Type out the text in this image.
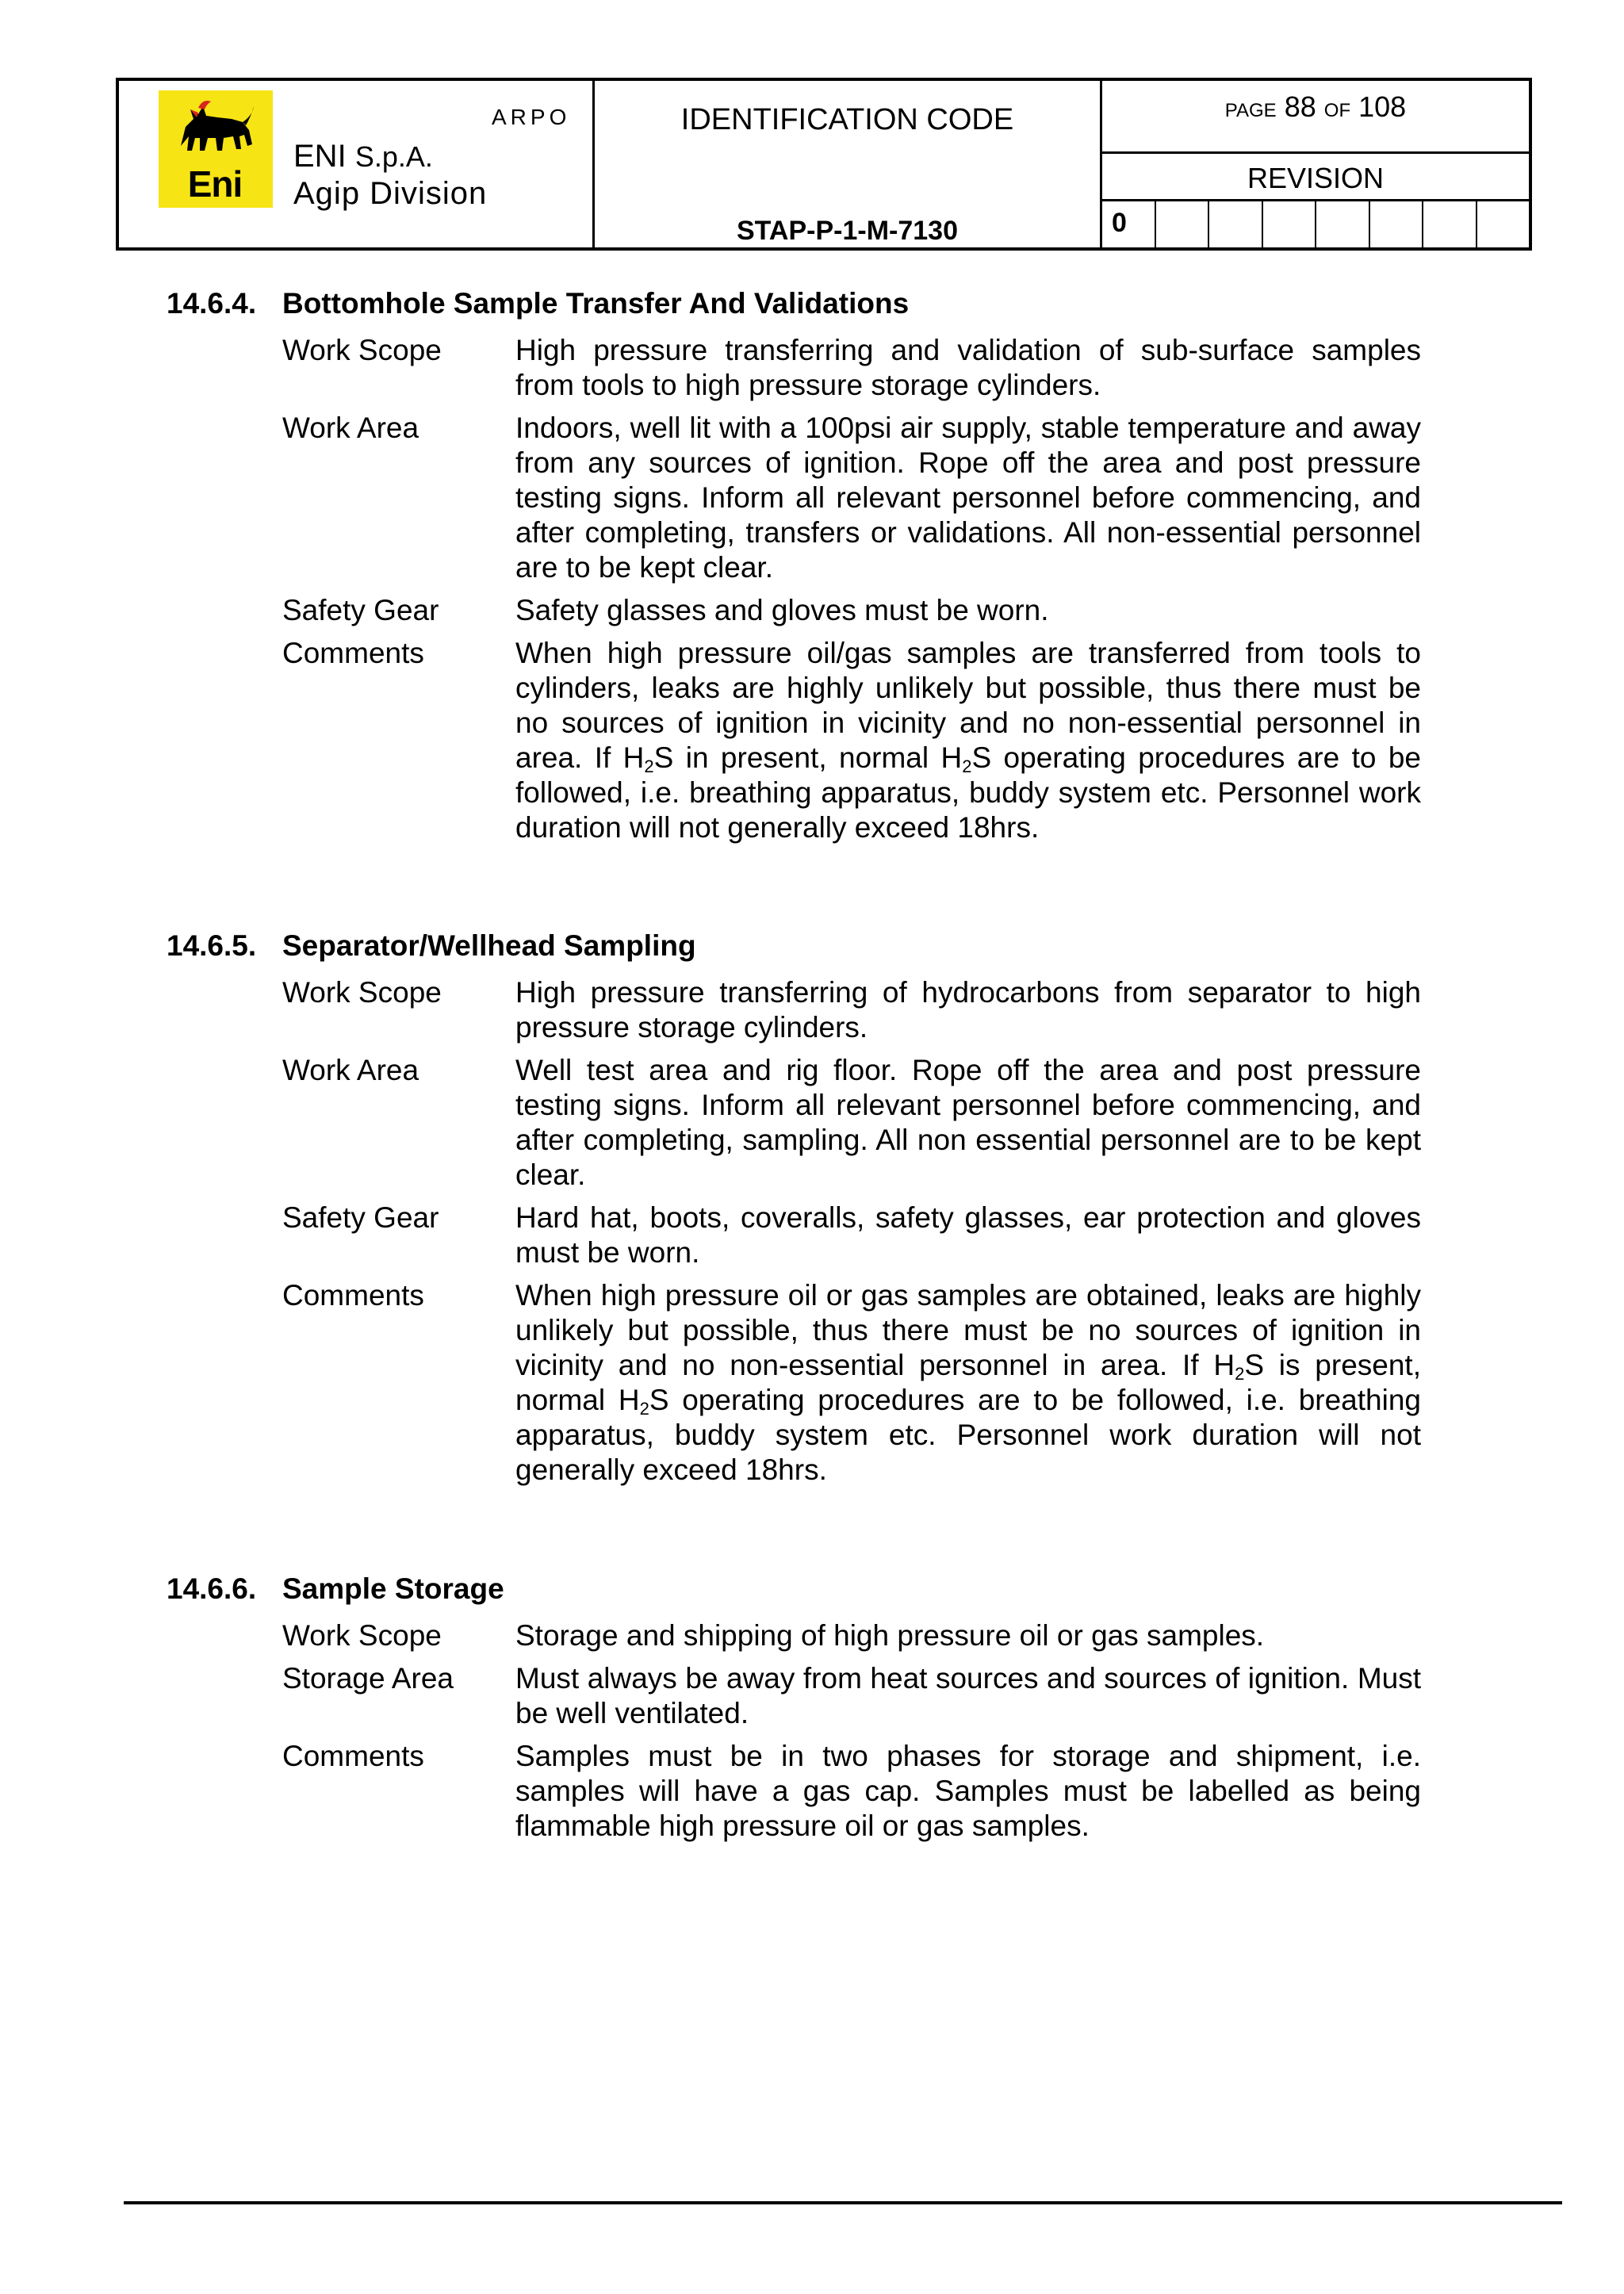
Eni
ARPO
ENI S.p.A.
Agip Division
IDENTIFICATION CODE
STAP-P-1-M-7130
PAGE 88 OF 108
REVISION
0
14.6.4. Bottomhole Sample Transfer And Validations
Work Scope	High pressure transferring and validation of sub-surface samples from tools to high pressure storage cylinders.
Work Area	Indoors, well lit with a 100psi air supply, stable temperature and away from any sources of ignition. Rope off the area and post pressure testing signs. Inform all relevant personnel before commencing, and after completing, transfers or validations. All non-essential personnel are to be kept clear.
Safety Gear	Safety glasses and gloves must be worn.
Comments	When high pressure oil/gas samples are transferred from tools to cylinders, leaks are highly unlikely but possible, thus there must be no sources of ignition in vicinity and no non-essential personnel in area. If $H_2S$ in present, normal $H_2S$ operating procedures are to be followed, i.e. breathing apparatus, buddy system etc. Personnel work duration will not generally exceed 18hrs.
14.6.5. Separator/Wellhead Sampling
Work Scope	High pressure transferring of hydrocarbons from separator to high pressure storage cylinders.
Work Area	Well test area and rig floor. Rope off the area and post pressure testing signs. Inform all relevant personnel before commencing, and after completing, sampling. All non essential personnel are to be kept clear.
Safety Gear	Hard hat, boots, coveralls, safety glasses, ear protection and gloves must be worn.
Comments	When high pressure oil or gas samples are obtained, leaks are highly unlikely but possible, thus there must be no sources of ignition in vicinity and no non-essential personnel in area. If $H_2S$ is present, normal $H_2S$ operating procedures are to be followed, i.e. breathing apparatus, buddy system etc. Personnel work duration will not generally exceed 18hrs.
14.6.6. Sample Storage
Work Scope	Storage and shipping of high pressure oil or gas samples.
Storage Area	Must always be away from heat sources and sources of ignition. Must be well ventilated.
Comments	Samples must be in two phases for storage and shipment, i.e. samples will have a gas cap. Samples must be labelled as being flammable high pressure oil or gas samples.
